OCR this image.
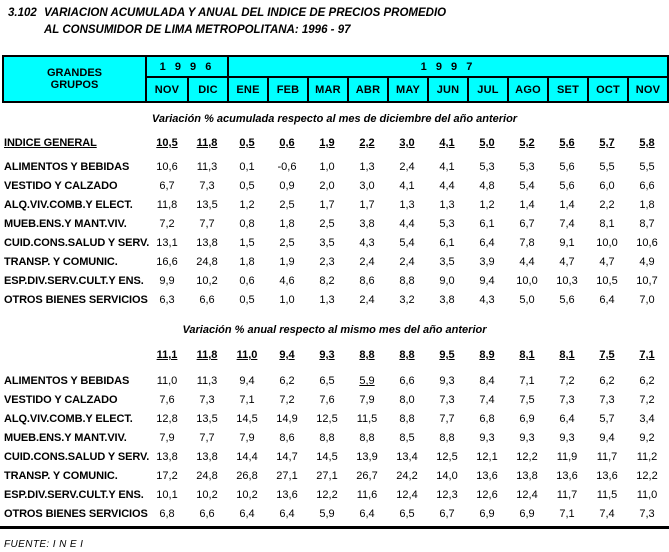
3.102 VARIACION ACUMULADA Y ANUAL DEL INDICE DE PRECIOS PROMEDIO
AL CONSUMIDOR DE LIMA METROPOLITANA: 1996 - 97
GRANDES
GRUPOS
1 9 9 6	1 9 9 7
NOV	DIC	ENE	FEB	MAR	ABR	MAY	JUN	JUL	AGO	SET	OCT	NOV
Variación % acumulada respecto al mes de diciembre del año anterior
INDICE GENERAL	10,5	11,8	0,5	0,6	1,9	2,2	3,0	4,1	5,0	5,2	5,6	5,7	5,8
ALIMENTOS Y BEBIDAS	10,6	11,3	0,1	-0,6	1,0	1,3	2,4	4,1	5,3	5,3	5,6	5,5	5,5
VESTIDO Y CALZADO	6,7	7,3	0,5	0,9	2,0	3,0	4,1	4,4	4,8	5,4	5,6	6,0	6,6
ALQ.VIV.COMB.Y ELECT.	11,8	13,5	1,2	2,5	1,7	1,7	1,3	1,3	1,2	1,4	1,4	2,2	1,8
MUEB.ENS.Y MANT.VIV.	7,2	7,7	0,8	1,8	2,5	3,8	4,4	5,3	6,1	6,7	7,4	8,1	8,7
CUID.CONS.SALUD Y SERV. 13,1	13,8	1,5	2,5	3,5	4,3	5,4	6,1	6,4	7,8	9,1	10,0	10,6
TRANSP. Y COMUNIC.	16,6	24,8	1,8	1,9	2,3	2,4	2,4	3,5	3,9	4,4	4,7	4,7	4,9
ESP.DIV.SERV.CULT.Y ENS.	9,9	10,2	0,6	4,6	8,2	8,6	8,8	9,0	9,4	10,0	10,3	10,5	10,7
OTROS BIENES SERVICIOS	6,3	6,6	0,5	1,0	1,3	2,4	3,2	3,8	4,3	5,0	5,6	6,4	7,0
Variación % anual respecto al mismo mes del año anterior
11,1	11,8	11,0	9,4	9,3	8,8	8,8	9,5	8,9	8,1	8,1	7,5	7,1
ALIMENTOS Y BEBIDAS	11,0	11,3	9,4	6,2	6,5	5,9	6,6	9,3	8,4	7,1	7,2	6,2	6,2
VESTIDO Y CALZADO	7,6	7,3	7,1	7,2	7,6	7,9	8,0	7,3	7,4	7,5	7,3	7,3	7,2
ALQ.VIV.COMB.Y ELECT.	12,8	13,5	14,5	14,9	12,5	11,5	8,8	7,7	6,8	6,9	6,4	5,7	3,4
MUEB.ENS.Y MANT.VIV.	7,9	7,7	7,9	8,6	8,8	8,8	8,5	8,8	9,3	9,3	9,3	9,4	9,2
CUID.CONS.SALUD Y SERV. 13,8	13,8	14,4	14,7	14,5	13,9	13,4	12,5	12,1	12,2	11,9	11,7	11,2
TRANSP. Y COMUNIC.	17,2	24,8	26,8	27,1	27,1	26,7	24,2	14,0	13,6	13,8	13,6	13,6	12,2
ESP.DIV.SERV.CULT.Y ENS.	10,1	10,2	10,2	13,6	12,2	11,6	12,4	12,3	12,6	12,4	11,7	11,5	11,0
OTROS BIENES SERVICIOS	6,8	6,6	6,4	6,4	5,9	6,4	6,5	6,7	6,9	6,9	7,1	7,4	7,3
FUENTE: I N E I
